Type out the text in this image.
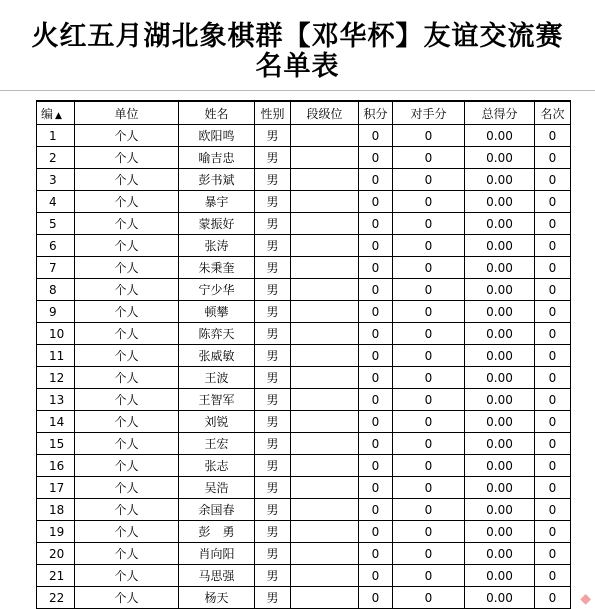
火红五月湖北象棋群【邓华杯】友谊交流赛
名单表
编 ▲	单位	姓名	性别	段级位	积分	对手分	总得分	名次
1	个人	欧阳鸣	男		0	0	0.00	0
2	个人	喻吉忠	男		0	0	0.00	0
3	个人	彭书斌	男		0	0	0.00	0
4	个人	暴宇	男		0	0	0.00	0
5	个人	蒙振好	男		0	0	0.00	0
6	个人	张涛	男		0	0	0.00	0
7	个人	朱秉奎	男		0	0	0.00	0
8	个人	宁少华	男		0	0	0.00	0
9	个人	顿攀	男		0	0	0.00	0
10	个人	陈弈天	男		0	0	0.00	0
11	个人	张威敏	男		0	0	0.00	0
12	个人	王波	男		0	0	0.00	0
13	个人	王智军	男		0	0	0.00	0
14	个人	刘锐	男		0	0	0.00	0
15	个人	王宏	男		0	0	0.00	0
16	个人	张志	男		0	0	0.00	0
17	个人	吴浩	男		0	0	0.00	0
18	个人	余国春	男		0	0	0.00	0
19	个人	彭　勇	男		0	0	0.00	0
20	个人	肖向阳	男		0	0	0.00	0
21	个人	马思强	男		0	0	0.00	0
22	个人	杨天	男		0	0	0.00	0 ◆
